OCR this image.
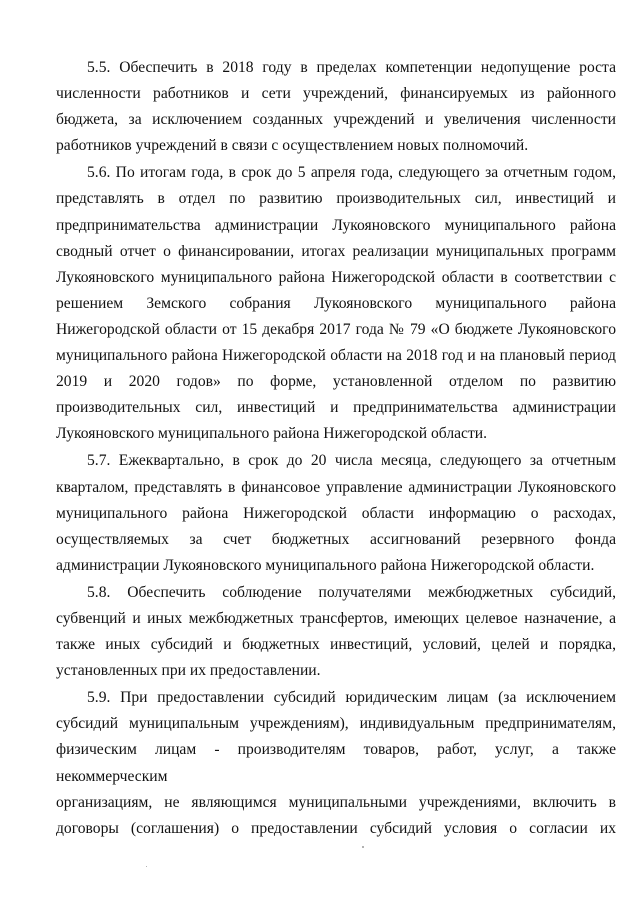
5.5. Обеспечить в 2018 году в пределах компетенции недопущение роста
численности работников и сети учреждений, финансируемых из районного
бюджета, за исключением созданных учреждений и увеличения численности
работников учреждений в связи с осуществлением новых полномочий.

5.6. По итогам года, в срок до 5 апреля года, следующего за отчетным годом,
представлять в отдел по развитию производительных сил, инвестиций и
предпринимательства администрации Лукояновского муниципального района
сводный отчет о финансировании, итогах реализации муниципальных программ
Лукояновского муниципального района Нижегородской области в соответствии с
решением Земского собрания Лукояновского муниципального района
Нижегородской области от 15 декабря 2017 года № 79 «О бюджете Лукояновского
муниципального района Нижегородской области на 2018 год и на плановый период
2019 и 2020 годов» по форме, установленной отделом по развитию
производительных сил, инвестиций и предпринимательства администрации
Лукояновского муниципального района Нижегородской области.

5.7. Ежеквартально, в срок до 20 числа месяца, следующего за отчетным
кварталом, представлять в финансовое управление администрации Лукояновского
муниципального района Нижегородской области информацию о расходах,
осуществляемых за счет бюджетных ассигнований резервного фонда
администрации Лукояновского муниципального района Нижегородской области.

5.8. Обеспечить соблюдение получателями межбюджетных субсидий,
субвенций и иных межбюджетных трансфертов, имеющих целевое назначение, а
также иных субсидий и бюджетных инвестиций, условий, целей и порядка,
установленных при их предоставлении.

5.9. При предоставлении субсидий юридическим лицам (за исключением
субсидий муниципальным учреждениям), индивидуальным предпринимателям,
физическим лицам - производителям товаров, работ, услуг, а также некоммерческим
организациям, не являющимся муниципальными учреждениями, включить в
договоры (соглашения) о предоставлении субсидий условия о согласии их
